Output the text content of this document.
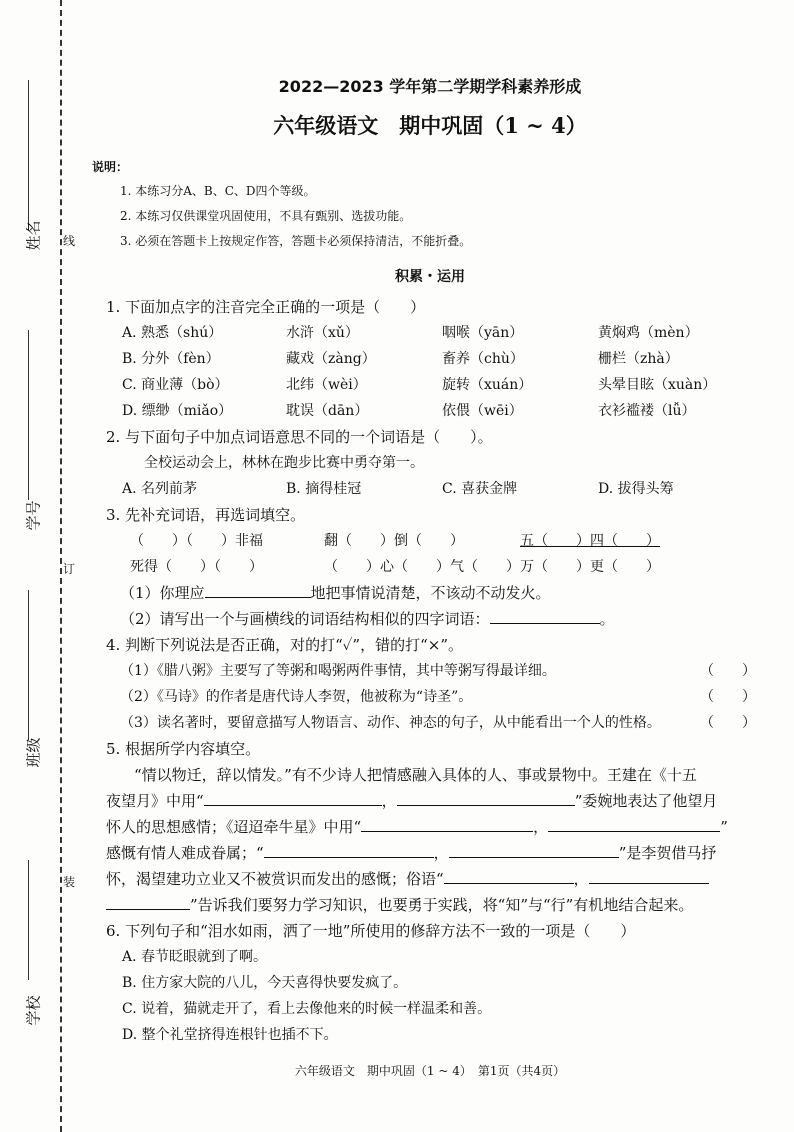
姓名
学号
班级
学校
线
订
装
2022—2023 学年第二学期学科素养形成
六年级语文　期中巩固（1 ~ 4）
说明：
1. 本练习分A、B、C、D四个等级。
2. 本练习仅供课堂巩固使用，不具有甄别、选拔功能。
3. 必须在答题卡上按规定作答，答题卡必须保持清洁，不能折叠。
积累・运用
1. 下面加点字的注音完全正确的一项是（　　）
A. 熟悉（shú）	水浒（xǔ）	咽喉（yān）	黄焖鸡（mèn）
B. 分外（fèn）	藏戏（zàng）	畜养（chù）	栅栏（zhà）
C. 商业薄（bò）	北纬（wèi）	旋转（xuán）	头晕目眩（xuàn）
D. 缥缈（miǎo）	耽误（dān）	依偎（wēi）	衣衫褴褛（lǚ）
2. 与下面句子中加点词语意思不同的一个词语是（　　）。
全校运动会上，林林在跑步比赛中勇夺第一。
A. 名列前茅	B. 摘得桂冠	C. 喜获金牌	D. 拔得头筹
3. 先补充词语，再选词填空。
（　　）（　　）非福	翻（　　）倒（　　）	五（　　）四（　　）
死得（　　）（　　）	（　　）心（　　）气（　　） 万（　　）更（　　）
（1）你理应	地把事情说清楚，不该动不动发火。
（2）请写出一个与画横线的词语结构相似的四字词语：	。
4. 判断下列说法是否正确，对的打“✓”，错的打“×”。
（1）《腊八粥》主要写了等粥和喝粥两件事情，其中等粥写得最详细。	（　　）
（2）《马诗》的作者是唐代诗人李贺，他被称为“诗圣”。	（　　）
（3）读名著时，要留意描写人物语言、动作、神态的句子，从中能看出一个人的性格。	（　　）
5. 根据所学内容填空。
“情以物迁，辞以情发。”有不少诗人把情感融入具体的人、事或景物中。王建在《十五
夜望月》中用“	，	”委婉地表达了他望月
怀人的思想感情；《迢迢牵牛星》中用“	，	”
感慨有情人难成眷属；“	，	”是李贺借马抒
怀，渴望建功立业又不被赏识而发出的感慨；俗语“	，
”告诉我们要努力学习知识，也要勇于实践，将“知”与“行”有机地结合起来。
6. 下列句子和“泪水如雨，洒了一地”所使用的修辞方法不一致的一项是（　　）
A. 春节眨眼就到了啊。
B. 住方家大院的八儿，今天喜得快要发疯了。
C. 说着，猫就走开了，看上去像他来的时候一样温柔和善。
D. 整个礼堂挤得连根针也插不下。
六年级语文　期中巩固（1 ~ 4）　第1页（共4页）
